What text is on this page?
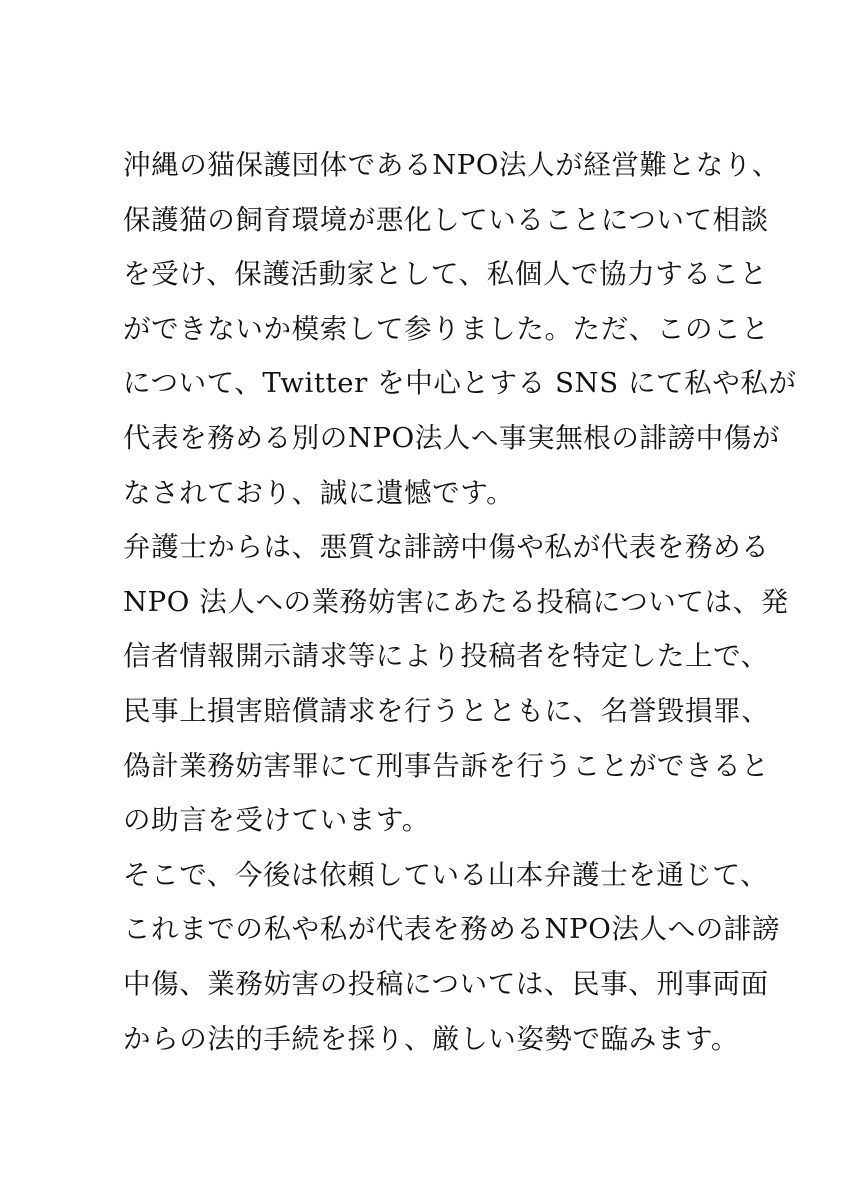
沖縄の猫保護団体であるNPO法人が経営難となり、
保護猫の飼育環境が悪化していることについて相談
を受け、保護活動家として、私個人で協力すること
ができないか模索して参りました。ただ、このこと
について、Twitter を中心とする SNS にて私や私が
代表を務める別のNPO法人へ事実無根の誹謗中傷が
なされており、誠に遺憾です。
弁護士からは、悪質な誹謗中傷や私が代表を務める
NPO 法人への業務妨害にあたる投稿については、発
信者情報開示請求等により投稿者を特定した上で、
民事上損害賠償請求を行うとともに、名誉毀損罪、
偽計業務妨害罪にて刑事告訴を行うことができると
の助言を受けています。
そこで、今後は依頼している山本弁護士を通じて、
これまでの私や私が代表を務めるNPO法人への誹謗
中傷、業務妨害の投稿については、民事、刑事両面
からの法的手続を採り、厳しい姿勢で臨みます。
